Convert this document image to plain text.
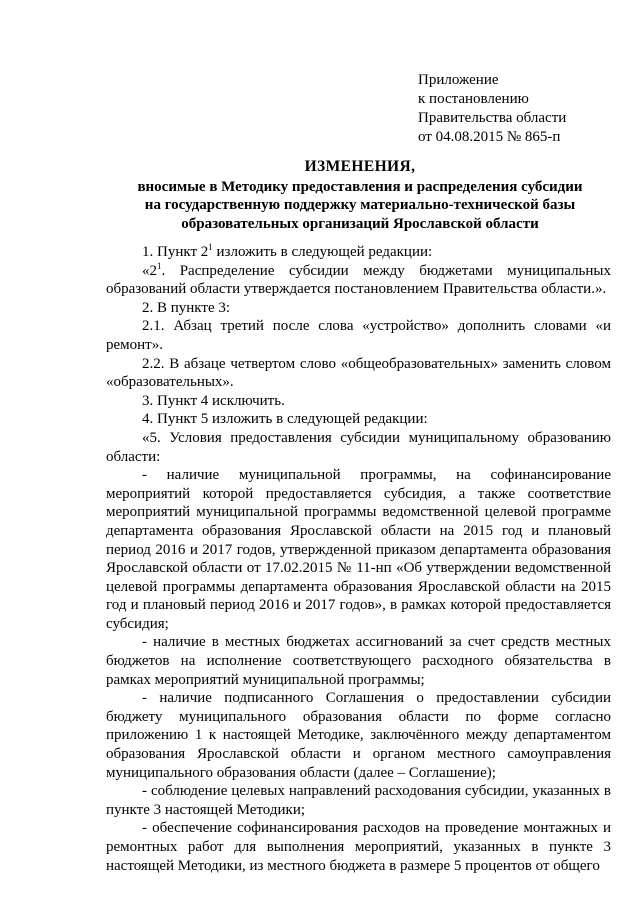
Приложение
к постановлению
Правительства области
от 04.08.2015 № 865-п
ИЗМЕНЕНИЯ,
вносимые в Методику предоставления и распределения субсидии
на государственную поддержку материально-технической базы
образовательных организаций Ярославской области

1. Пункт $2^1$ изложить в следующей редакции:

«$2^1$. Распределение субсидии между бюджетами муниципальных образований области утверждается постановлением Правительства области.».

2. В пункте 3:

2.1. Абзац третий после слова «устройство» дополнить словами «и ремонт».

2.2. В абзаце четвертом слово «общеобразовательных» заменить словом «образовательных».

3. Пункт 4 исключить.

4. Пункт 5 изложить в следующей редакции:

«5. Условия предоставления субсидии муниципальному образованию области:

- наличие муниципальной программы, на софинансирование мероприятий которой предоставляется субсидия, а также соответствие мероприятий муниципальной программы ведомственной целевой программе департамента образования Ярославской области на 2015 год и плановый период 2016 и 2017 годов, утвержденной приказом департамента образования Ярославской области от 17.02.2015 № 11-нп «Об утверждении ведомственной целевой программы департамента образования Ярославской области на 2015 год и плановый период 2016 и 2017 годов», в рамках которой предоставляется субсидия;

- наличие в местных бюджетах ассигнований за счет средств местных бюджетов на исполнение соответствующего расходного обязательства в рамках мероприятий муниципальной программы;

- наличие подписанного Соглашения о предоставлении субсидии бюджету муниципального образования области по форме согласно приложению 1 к настоящей Методике, заключённого между департаментом образования Ярославской области и органом местного самоуправления муниципального образования области (далее – Соглашение);

- соблюдение целевых направлений расходования субсидии, указанных в пункте 3 настоящей Методики;

- обеспечение софинансирования расходов на проведение монтажных и ремонтных работ для выполнения мероприятий, указанных в пункте 3 настоящей Методики, из местного бюджета в размере 5 процентов от общего
